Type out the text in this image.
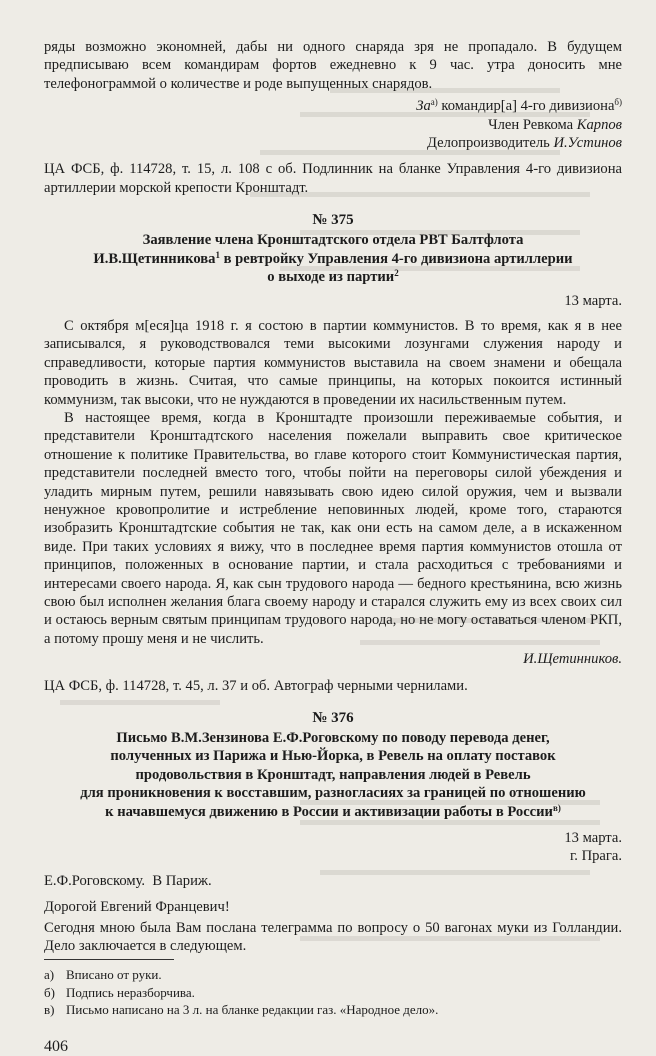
ряды возможно экономней, дабы ни одного снаряда зря не пропадало. В будущем предписываю всем командирам фортов ежедневно к 9 час. утра доносить мне телефонограммой о количестве и роде выпущенных снарядов.

$За^{а)}$ командир[а] 4-го дивизиона$^{б)}$

Член Ревкома Карпов

Делопроизводитель И.Устинов

ЦА ФСБ, ф. 114728, т. 15, л. 108 с об. Подлинник на бланке Управления 4-го дивизиона артиллерии морской крепости Кронштадт.

№ 375
Заявление члена Кронштадтского отдела РВТ Балтфлота
И.В.Щетинникова$^1$ в ревтройку Управления 4-го дивизиона артиллерии
о выходе из партии$^2$

13 марта.

С октября м[еся]ца 1918 г. я состою в партии коммунистов. В то время, как я в нее записывался, я руководствовался теми высокими лозунгами служения народу и справедливости, которые партия коммунистов выставила на своем знамени и обещала проводить в жизнь. Считая, что самые принципы, на которых покоится истинный коммунизм, так высоки, что не нуждаются в проведении их насильственным путем.

В настоящее время, когда в Кронштадте произошли переживаемые события, и представители Кронштадтского населения пожелали выправить свое критическое отношение к политике Правительства, во главе которого стоит Коммунистическая партия, представители последней вместо того, чтобы пойти на переговоры силой убеждения и уладить мирным путем, решили навязывать свою идею силой оружия, чем и вызвали ненужное кровопролитие и истребление неповинных людей, кроме того, стараются изобразить Кронштадтские события не так, как они есть на самом деле, а в искаженном виде. При таких условиях я вижу, что в последнее время партия коммунистов отошла от принципов, положенных в основание партии, и стала расходиться с требованиями и интересами своего народа. Я, как сын трудового народа — бедного крестьянина, всю жизнь свою был исполнен желания блага своему народу и старался служить ему из всех своих сил и остаюсь верным святым принципам трудового народа, но не могу оставаться членом РКП, а потому прошу меня и не числить.

И.Щетинников.

ЦА ФСБ, ф. 114728, т. 45, л. 37 и об. Автограф черными чернилами.

№ 376
Письмо В.М.Зензинова Е.Ф.Роговскому по поводу перевода денег,
полученных из Парижа и Нью-Йорка, в Ревель на оплату поставок
продовольствия в Кронштадт, направления людей в Ревель
для проникновения к восставшим, разногласиях за границей по отношению
к начавшемуся движению в России и активизации работы в России$^{в)}$

13 марта.

г. Прага.

Е.Ф.Роговскому.  В Париж.

Дорогой Евгений Францевич!

Сегодня мною была Вам послана телеграмма по вопросу о 50 вагонах муки из Голландии. Дело заключается в следующем.

а) Вписано от руки.
б) Подпись неразборчива.
в) Письмо написано на 3 л. на бланке редакции газ. «Народное дело».
406
